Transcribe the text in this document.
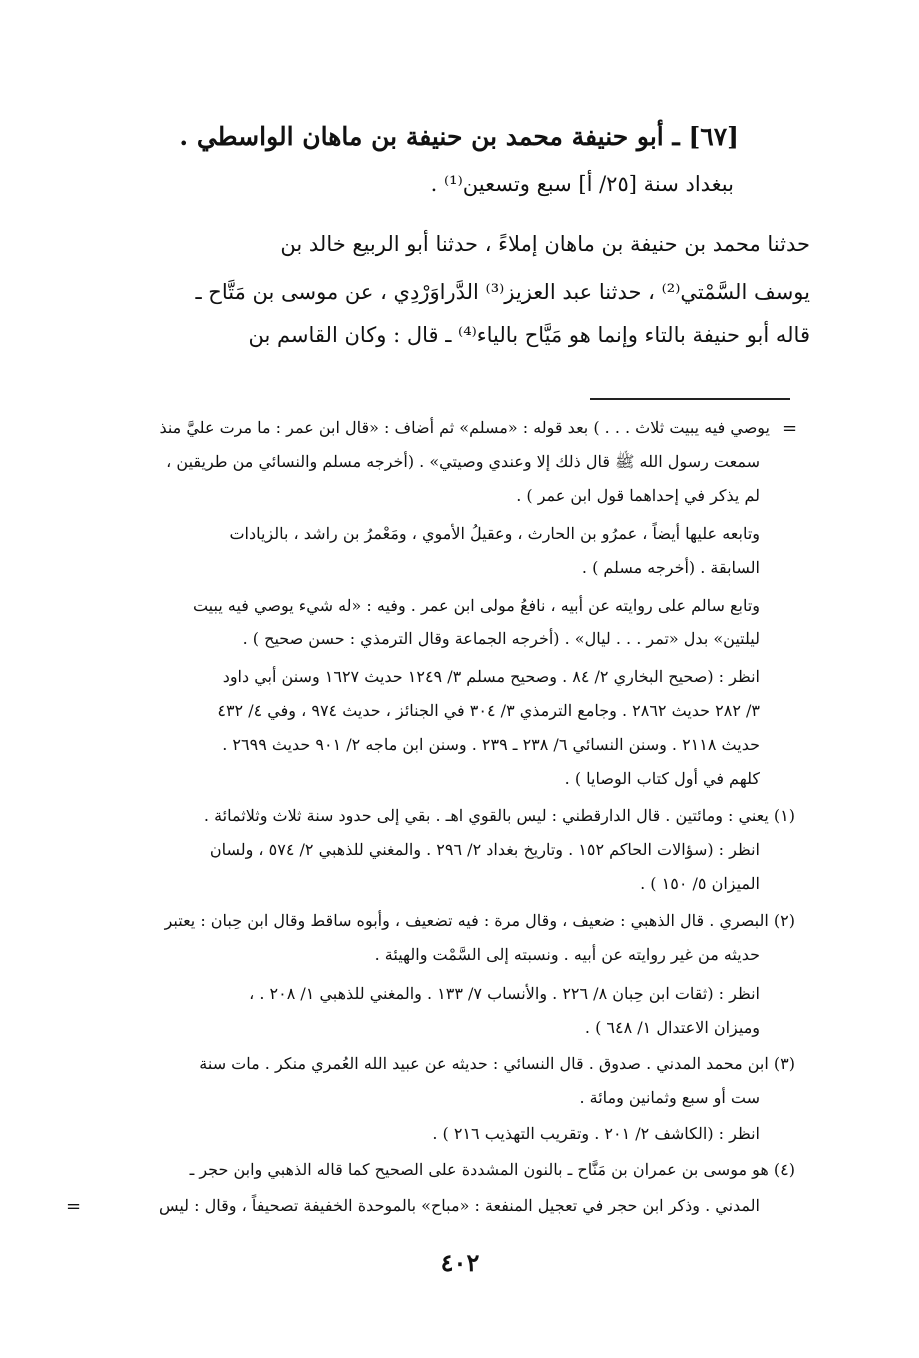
[٦٧] ـ أبو حنيفة محمد بن حنيفة بن ماهان الواسطي .
ببغداد سنة [٢٥/ أ] سبع وتسعين⁽¹⁾ .
حدثنا محمد بن حنيفة بن ماهان إملاءً ، حدثنا أبو الربيع خالد بن
يوسف السَّمْتي⁽²⁾ ، حدثنا عبد العزيز⁽³⁾ الدَّراوَرْدِي ، عن موسى بن مَتَّاح ـ
قاله أبو حنيفة بالتاء وإنما هو مَيَّاح بالياء⁽⁴⁾ ـ قال : وكان القاسم بن
=
=
يوصي فيه يبيت ثلاث . . . ) بعد قوله : «مسلم» ثم أضاف : «قال ابن عمر : ما مرت عليَّ منذ
سمعت رسول الله ﷺ قال ذلك إلا وعندي وصيتي» . (أخرجه مسلم والنسائي من طريقين ،
لم يذكر في إحداهما قول ابن عمر ) .
وتابعه عليها أيضاً ، عمرُو بن الحارث ، وعقيلُ الأموي ، ومَعْمرُ بن راشد ، بالزيادات
السابقة . (أخرجه مسلم ) .
وتابع سالم على روايته عن أبيه ، نافعُ مولى ابن عمر . وفيه : «له شيء يوصي فيه يبيت
ليلتين» بدل «تمر . . . ليال» . (أخرجه الجماعة وقال الترمذي : حسن صحيح ) .
انظر : (صحيح البخاري ٢/ ٨٤ . وصحيح مسلم ٣/ ١٢٤٩ حديث ١٦٢٧ وسنن أبي داود
٣/ ٢٨٢ حديث ٢٨٦٢ . وجامع الترمذي ٣/ ٣٠٤ في الجنائز ، حديث ٩٧٤ ، وفي ٤/ ٤٣٢
حديث ٢١١٨ . وسنن النسائي ٦/ ٢٣٨ ـ ٢٣٩ . وسنن ابن ماجه ٢/ ٩٠١ حديث ٢٦٩٩ .
كلهم في أول كتاب الوصايا ) .
(١) يعني : ومائتين . قال الدارقطني : ليس بالقوي اهـ . بقي إلى حدود سنة ثلاث وثلاثمائة .
انظر : (سؤالات الحاكم ١٥٢ . وتاريخ بغداد ٢/ ٢٩٦ . والمغني للذهبي ٢/ ٥٧٤ ، ولسان
الميزان ٥/ ١٥٠ ) .
(٢) البصري . قال الذهبي : ضعيف ، وقال مرة : فيه تضعيف ، وأبوه ساقط وقال ابن حِبان : يعتبر
حديثه من غير روايته عن أبيه . ونسبته إلى السَّمْت والهيئة .
انظر : (ثقات ابن حِبان ٨/ ٢٢٦ . والأنساب ٧/ ١٣٣ . والمغني للذهبي ١/ ٢٠٨ . ،
وميزان الاعتدال ١/ ٦٤٨ ) .
(٣) ابن محمد المدني . صدوق . قال النسائي : حديثه عن عبيد الله العُمري منكر . مات سنة
ست أو سبع وثمانين ومائة .
انظر : (الكاشف ٢/ ٢٠١ . وتقريب التهذيب ٢١٦ ) .
(٤) هو موسى بن عمران بن مَنَّاح ـ بالنون المشددة على الصحيح كما قاله الذهبي وابن حجر ـ
المدني . وذكر ابن حجر في تعجيل المنفعة : «مباح» بالموحدة الخفيفة تصحيفاً ، وقال : ليس
٤٠٢
